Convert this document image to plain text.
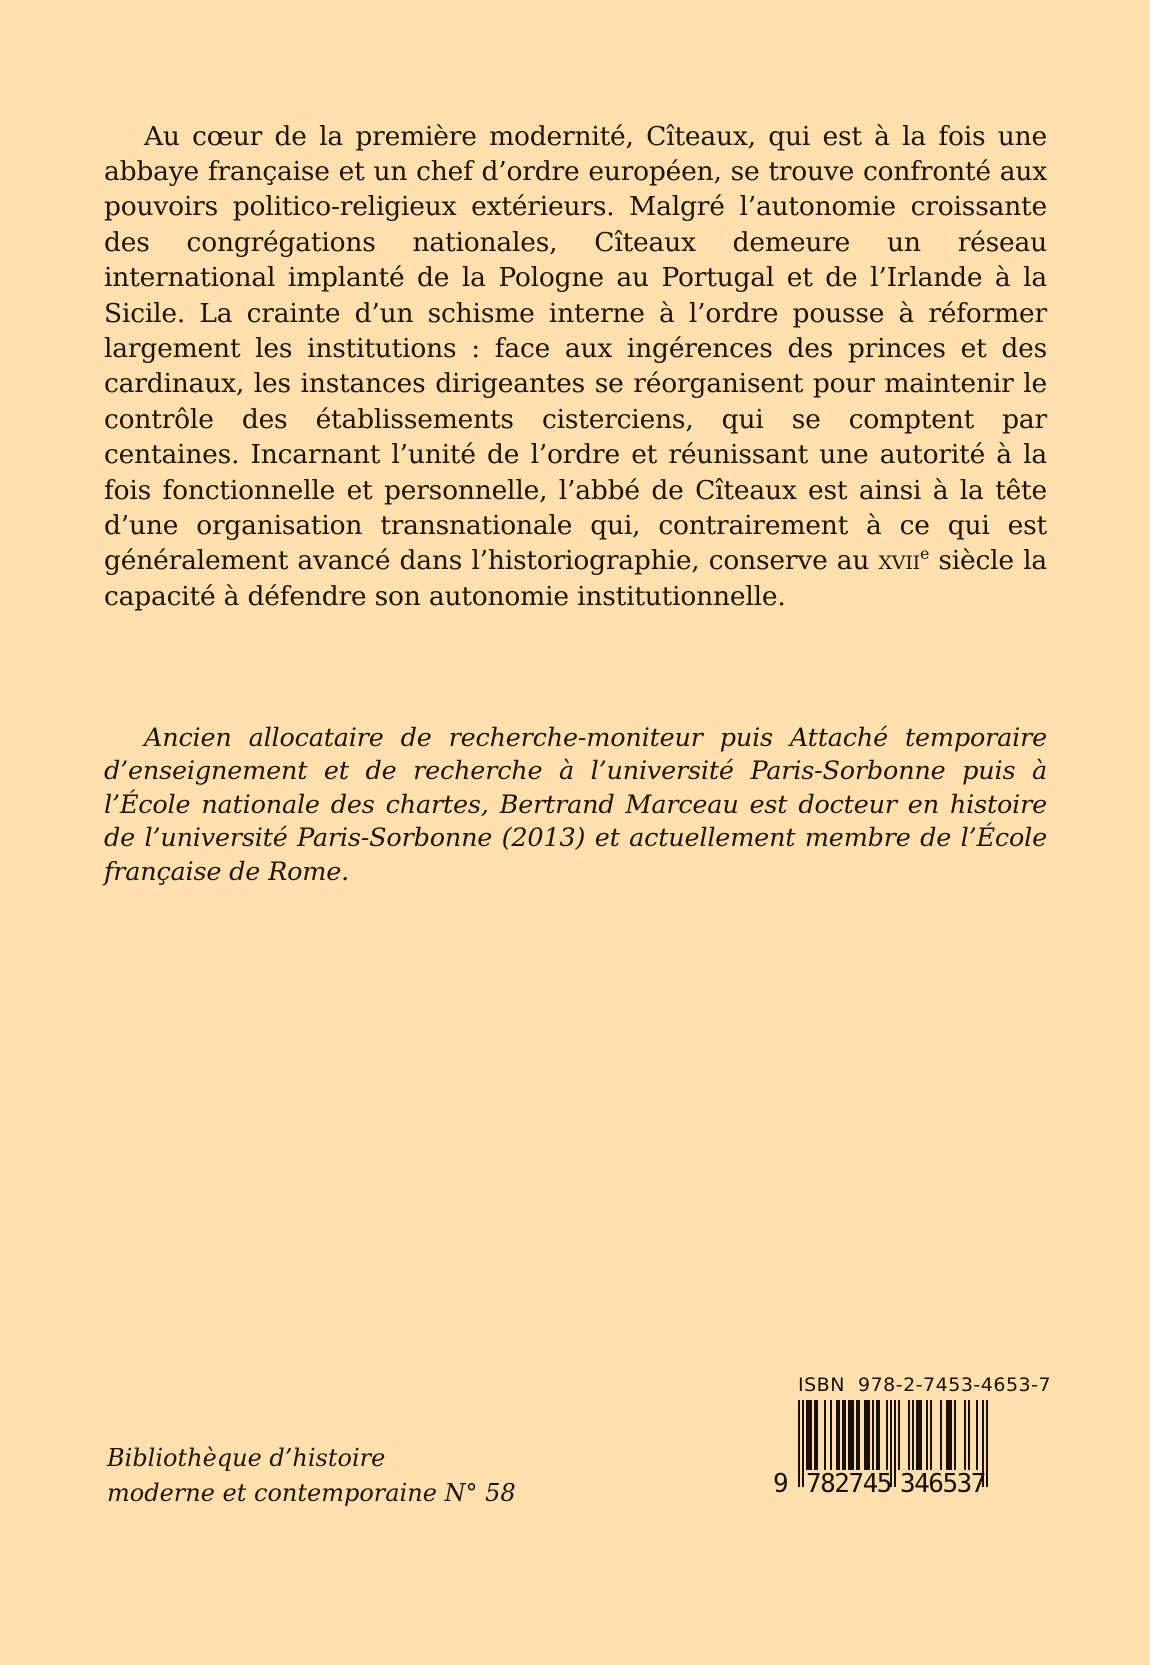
Au cœur de la première modernité, Cîteaux, qui est à la fois une abbaye française et un chef d’ordre européen, se trouve confronté aux pouvoirs politico-religieux extérieurs. Malgré l’autonomie croissante des congrégations nationales, Cîteaux demeure un réseau international implanté de la Pologne au Portugal et de l’Irlande à la Sicile. La crainte d’un schisme interne à l’ordre pousse à réformer largement les institutions : face aux ingérences des princes et des cardinaux, les instances dirigeantes se réorganisent pour maintenir le contrôle des établissements cisterciens, qui se comptent par centaines. Incarnant l’unité de l’ordre et réunissant une autorité à la fois fonctionnelle et personnelle, l’abbé de Cîteaux est ainsi à la tête d’une organisation transnationale qui, contrairement à ce qui est généralement avancé dans l’historiographie, conserve au xvii$^e$ siècle la capacité à défendre son autonomie institutionnelle.

Ancien allocataire de recherche-moniteur puis Attaché temporaire d’enseignement et de recherche à l’université Paris-Sorbonne puis à l’École nationale des chartes, Bertrand Marceau est docteur en histoire de l’université Paris-Sorbonne (2013) et actuellement membre de l’École française de Rome.

Bibliothèque d’histoire
moderne et contemporaine N° 58
ISBN  978-2-7453-4653-7
9 782745 346537
